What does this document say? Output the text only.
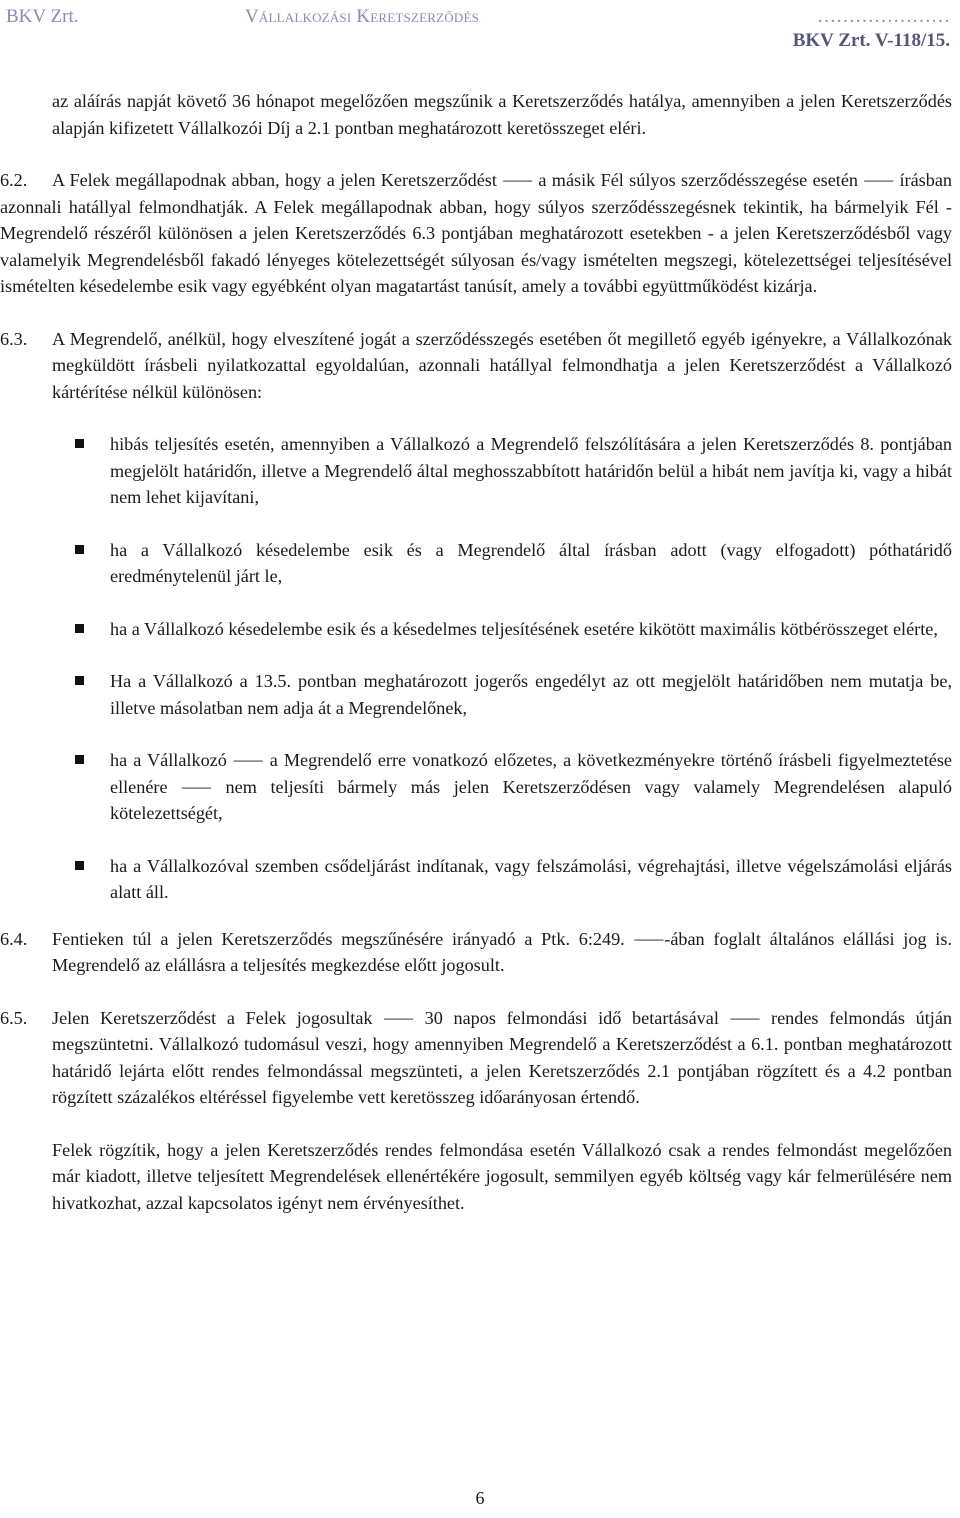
BKV Zrt.	Vállalkozási Keretszerződés	…………………
BKV Zrt. V-118/15.

az aláírás napját követő 36 hónapot megelőzően megszűnik a Keretszerződés hatálya, amennyiben a jelen Keretszerződés alapján kifizetett Vállalkozói Díj a 2.1 pontban meghatározott keretösszeget eléri.

6.2. A Felek megállapodnak abban, hogy a jelen Keretszerződést ⸺ a másik Fél súlyos szerződésszegése esetén ⸺ írásban azonnali hatállyal felmondhatják. A Felek megállapodnak abban, hogy súlyos szerződésszegésnek tekintik, ha bármelyik Fél - Megrendelő részéről különösen a jelen Keretszerződés 6.3 pontjában meghatározott esetekben - a jelen Keretszerződésből vagy valamelyik Megrendelésből fakadó lényeges kötelezettségét súlyosan és/vagy ismételten megszegi, kötelezettségei teljesítésével ismételten késedelembe esik vagy egyébként olyan magatartást tanúsít, amely a további együttműködést kizárja.

6.3.	A Megrendelő, anélkül, hogy elveszítené jogát a szerződésszegés esetében őt megillető egyéb igényekre, a Vállalkozónak megküldött írásbeli nyilatkozattal egyoldalúan, azonnali hatállyal felmondhatja a jelen Keretszerződést a Vállalkozó kártérítése nélkül különösen:

hibás teljesítés esetén, amennyiben a Vállalkozó a Megrendelő felszólítására a jelen Keretszerződés 8. pontjában megjelölt határidőn, illetve a Megrendelő által meghosszabbított határidőn belül a hibát nem javítja ki, vagy a hibát nem lehet kijavítani,
ha a Vállalkozó késedelembe esik és a Megrendelő által írásban adott (vagy elfogadott) póthatáridő eredménytelenül járt le,
ha a Vállalkozó késedelembe esik és a késedelmes teljesítésének esetére kikötött maximális kötbérösszeget elérte,
Ha a Vállalkozó a 13.5. pontban meghatározott jogerős engedélyt az ott megjelölt határidőben nem mutatja be, illetve másolatban nem adja át a Megrendelőnek,
ha a Vállalkozó ⸺ a Megrendelő erre vonatkozó előzetes, a következményekre történő írásbeli figyelmeztetése ellenére ⸺ nem teljesíti bármely más jelen Keretszerződésen vagy valamely Megrendelésen alapuló kötelezettségét,
ha a Vállalkozóval szemben csődeljárást indítanak, vagy felszámolási, végrehajtási, illetve végelszámolási eljárás alatt áll.

6.4.	Fentieken túl a jelen Keretszerződés megszűnésére irányadó a Ptk. 6:249. ⸺-ában foglalt általános elállási jog is. Megrendelő az elállásra a teljesítés megkezdése előtt jogosult.

6.5.	Jelen Keretszerződést a Felek jogosultak ⸺ 30 napos felmondási idő betartásával ⸺ rendes felmondás útján megszüntetni. Vállalkozó tudomásul veszi, hogy amennyiben Megrendelő a Keretszerződést a 6.1. pontban meghatározott határidő lejárta előtt rendes felmondással megszünteti, a jelen Keretszerződés 2.1 pontjában rögzített és a 4.2 pontban rögzített százalékos eltéréssel figyelembe vett keretösszeg időarányosan értendő.

Felek rögzítik, hogy a jelen Keretszerződés rendes felmondása esetén Vállalkozó csak a rendes felmondást megelőzően már kiadott, illetve teljesített Megrendelések ellenértékére jogosult, semmilyen egyéb költség vagy kár felmerülésére nem hivatkozhat, azzal kapcsolatos igényt nem érvényesíthet.

6
